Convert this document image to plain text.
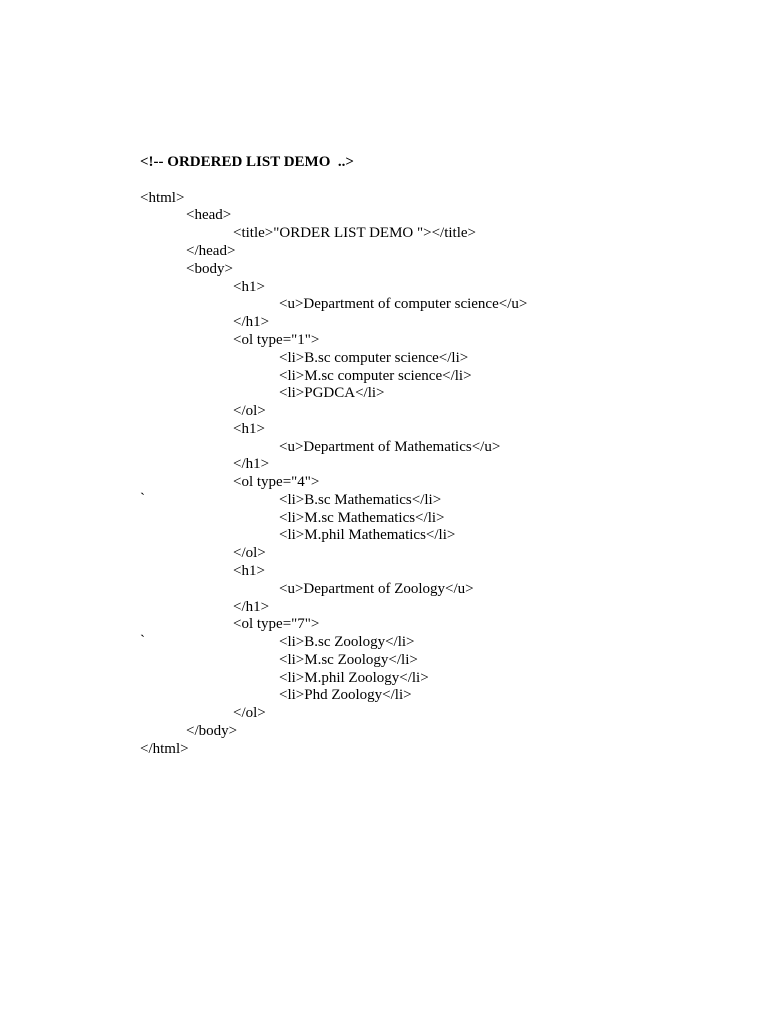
<!-- ORDERED LIST DEMO  ..>
<html>
<head>
<title>"ORDER LIST DEMO "></title>
</head>
<body>
<h1>
<u>Department of computer science</u>
</h1>
<ol type="1">
<li>B.sc computer science</li>
<li>M.sc computer science</li>
<li>PGDCA</li>
</ol>
<h1>
<u>Department of Mathematics</u>
</h1>
<ol type="4">
`	<li>B.sc Mathematics</li>
<li>M.sc Mathematics</li>
<li>M.phil Mathematics</li>
</ol>
<h1>
<u>Department of Zoology</u>
</h1>
<ol type="7">
`	<li>B.sc Zoology</li>
<li>M.sc Zoology</li>
<li>M.phil Zoology</li>
<li>Phd Zoology</li>
</ol>
</body>
</html>
